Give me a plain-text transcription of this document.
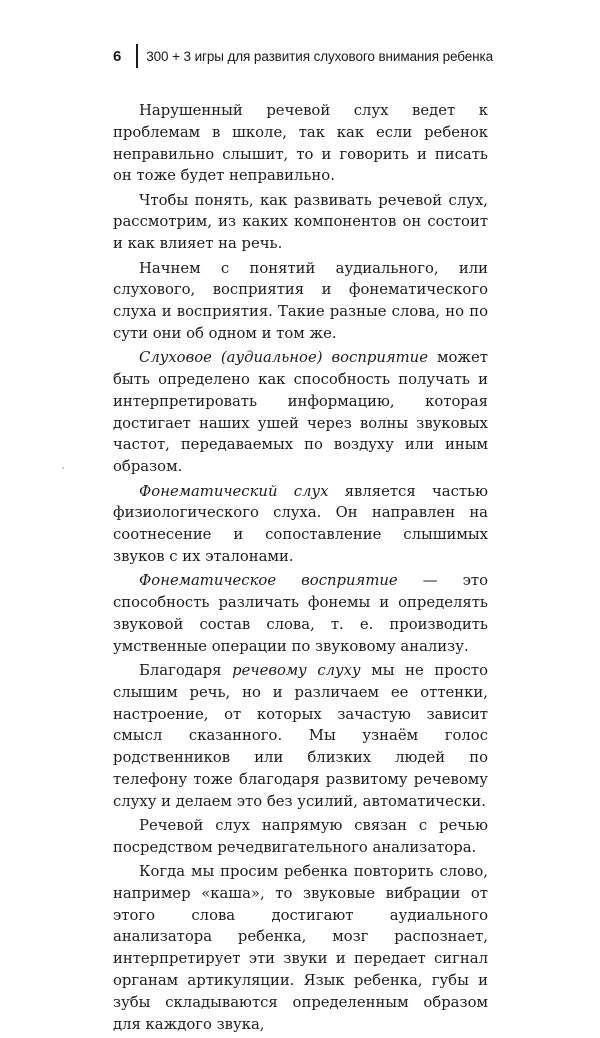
6	300 + 3 игры для развития слухового внимания ребенка

Нарушенный речевой слух ведет к проблемам в школе, так как если ребенок неправильно слышит, то и говорить и писать он тоже будет неправильно.

Чтобы понять, как развивать речевой слух, рассмотрим, из каких компонентов он состоит и как влияет на речь.

Начнем с понятий аудиального, или слухового, восприятия и фонематического слуха и восприятия. Такие разные слова, но по сути они об одном и том же.

Слуховое (аудиальное) восприятие может быть определено как способность получать и интерпретировать информацию, которая достигает наших ушей через волны звуковых частот, передаваемых по воздуху или иным образом.

Фонематический слух является частью физиологического слуха. Он направлен на соотнесение и сопоставление слышимых звуков с их эталонами.

Фонематическое восприятие — это способность различать фонемы и определять звуковой состав слова, т. е. производить умственные операции по звуковому анализу.

Благодаря речевому слуху мы не просто слышим речь, но и различаем ее оттенки, настроение, от которых зачастую зависит смысл сказанного. Мы узнаём голос родственников или близких людей по телефону тоже благодаря развитому речевому слуху и делаем это без усилий, автоматически.

Речевой слух напрямую связан с речью посредством речедвигательного анализатора.

Когда мы просим ребенка повторить слово, например «каша», то звуковые вибрации от этого слова достигают аудиального анализатора ребенка, мозг распознает, интерпретирует эти звуки и передает сигнал органам артикуляции. Язык ребенка, губы и зубы складываются определенным образом для каждого звука,
